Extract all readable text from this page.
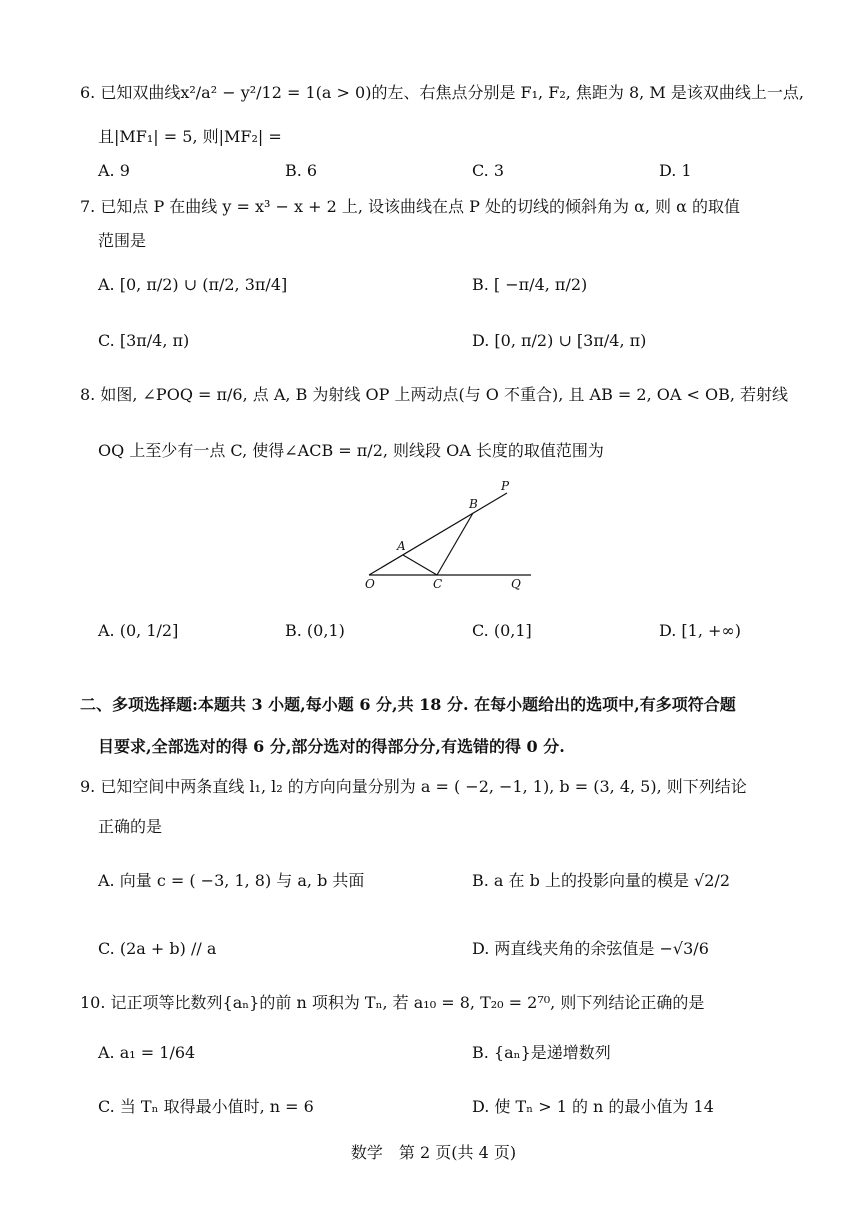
6. 已知双曲线x²/a² − y²/12 = 1(a > 0)的左、右焦点分别是 F₁, F₂, 焦距为 8, M 是该双曲线上一点,
且|MF₁| = 5, 则|MF₂| =
A. 9	B. 6	C. 3	D. 1
7. 已知点 P 在曲线 y = x³ − x + 2 上, 设该曲线在点 P 处的切线的倾斜角为 α, 则 α 的取值
范围是
A. [0, π/2) ∪ (π/2, 3π/4]	B. [ −π/4, π/2)
C. [3π/4, π)	D. [0, π/2) ∪ [3π/4, π)
8. 如图, ∠POQ = π/6, 点 A, B 为射线 OP 上两动点(与 O 不重合), 且 AB = 2, OA < OB, 若射线
OQ 上至少有一点 C, 使得∠ACB = π/2, 则线段 OA 长度的取值范围为
P
B
A
O	C	Q
A. (0, 1/2]	B. (0,1)	C. (0,1]	D. [1, +∞)
二、多项选择题:本题共 3 小题,每小题 6 分,共 18 分. 在每小题给出的选项中,有多项符合题
目要求,全部选对的得 6 分,部分选对的得部分分,有选错的得 0 分.
9. 已知空间中两条直线 l₁, l₂ 的方向向量分别为 a = ( −2, −1, 1), b = (3, 4, 5), 则下列结论
正确的是
A. 向量 c = ( −3, 1, 8) 与 a, b 共面	B. a 在 b 上的投影向量的模是 √2/2
C. (2a + b) // a	D. 两直线夹角的余弦值是 −√3/6
10. 记正项等比数列{aₙ}的前 n 项积为 Tₙ, 若 a₁₀ = 8, T₂₀ = 2⁷⁰, 则下列结论正确的是
A. a₁ = 1/64	B. {aₙ}是递增数列
C. 当 Tₙ 取得最小值时, n = 6	D. 使 Tₙ > 1 的 n 的最小值为 14
数学　第 2 页(共 4 页)
